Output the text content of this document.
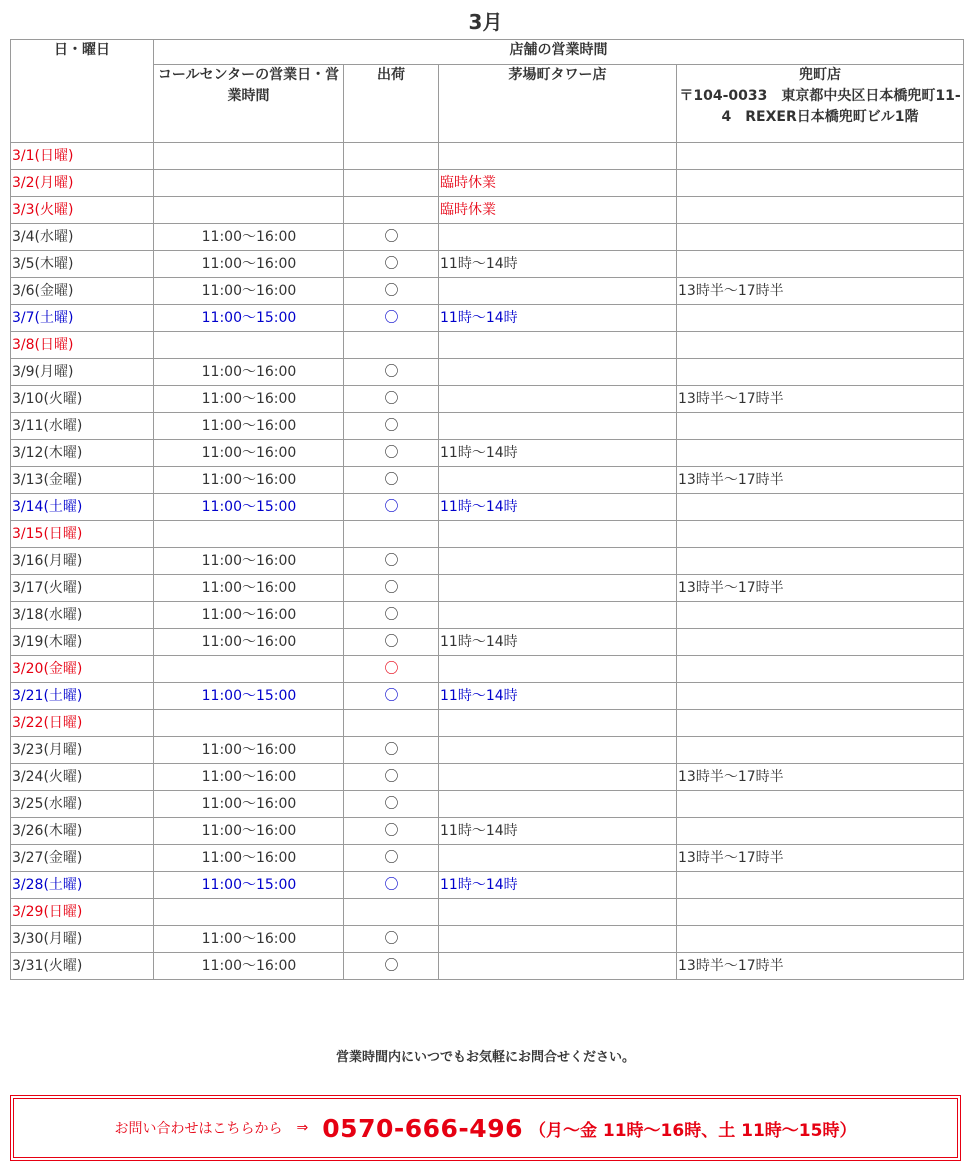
3月
日・曜日	店舗の営業時間			
	コールセンターの営業日・営業時間	出荷	茅場町タワー店	兜町店
〒104-0033　東京都中央区日本橋兜町11-4　REXER日本橋兜町ビル1階

3/1(日曜)				
3/2(月曜)			臨時休業	
3/3(火曜)			臨時休業	
3/4(水曜)	11:00～16:00	〇		
3/5(木曜)	11:00～16:00	〇	11時～14時	
3/6(金曜)	11:00～16:00	〇		13時半～17時半
3/7(土曜)	11:00～15:00	〇	11時～14時	
3/8(日曜)				
3/9(月曜)	11:00～16:00	〇		
3/10(火曜)	11:00～16:00	〇		13時半～17時半
3/11(水曜)	11:00～16:00	〇		
3/12(木曜)	11:00～16:00	〇	11時～14時	
3/13(金曜)	11:00～16:00	〇		13時半～17時半
3/14(土曜)	11:00～15:00	〇	11時～14時	
3/15(日曜)				
3/16(月曜)	11:00～16:00	〇		
3/17(火曜)	11:00～16:00	〇		13時半～17時半
3/18(水曜)	11:00～16:00	〇		
3/19(木曜)	11:00～16:00	〇	11時～14時	
3/20(金曜)		〇		
3/21(土曜)	11:00～15:00	〇	11時～14時	
3/22(日曜)				
3/23(月曜)	11:00～16:00	〇		
3/24(火曜)	11:00～16:00	〇		13時半～17時半
3/25(水曜)	11:00～16:00	〇		
3/26(木曜)	11:00～16:00	〇	11時～14時	
3/27(金曜)	11:00～16:00	〇		13時半～17時半
3/28(土曜)	11:00～15:00	〇	11時～14時	
3/29(日曜)				
3/30(月曜)	11:00～16:00	〇		
3/31(火曜)	11:00～16:00	〇		13時半～17時半
営業時間内にいつでもお気軽にお問合せください。
お問い合わせはこちらから ⇒ 0570-666-496 （月～金 11時～16時、土 11時～15時）
